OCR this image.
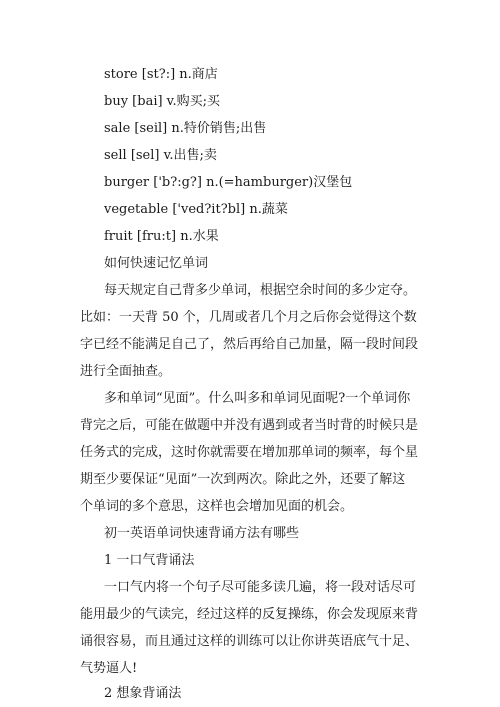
store [st?:] n.商店
buy [bai] v.购买;买
sale [seil] n.特价销售;出售
sell [sel] v.出售;卖
burger ['b?:g?] n.(=hamburger)汉堡包
vegetable ['ved?it?bl] n.蔬菜
fruit [fru:t] n.水果
如何快速记忆单词
每天规定自己背多少单词，根据空余时间的多少定夺。
比如：一天背 50 个，几周或者几个月之后你会觉得这个数
字已经不能满足自己了，然后再给自己加量，隔一段时间段
进行全面抽查。
多和单词“见面”。什么叫多和单词见面呢?一个单词你
背完之后，可能在做题中并没有遇到或者当时背的时候只是
任务式的完成，这时你就需要在增加那单词的频率，每个星
期至少要保证“见面”一次到两次。除此之外，还要了解这
个单词的多个意思，这样也会增加见面的机会。
初一英语单词快速背诵方法有哪些
1 一口气背诵法
一口气内将一个句子尽可能多读几遍，将一段对话尽可
能用最少的气读完，经过这样的反复操练，你会发现原来背
诵很容易，而且通过这样的训练可以让你讲英语底气十足、
气势逼人!
2 想象背诵法
